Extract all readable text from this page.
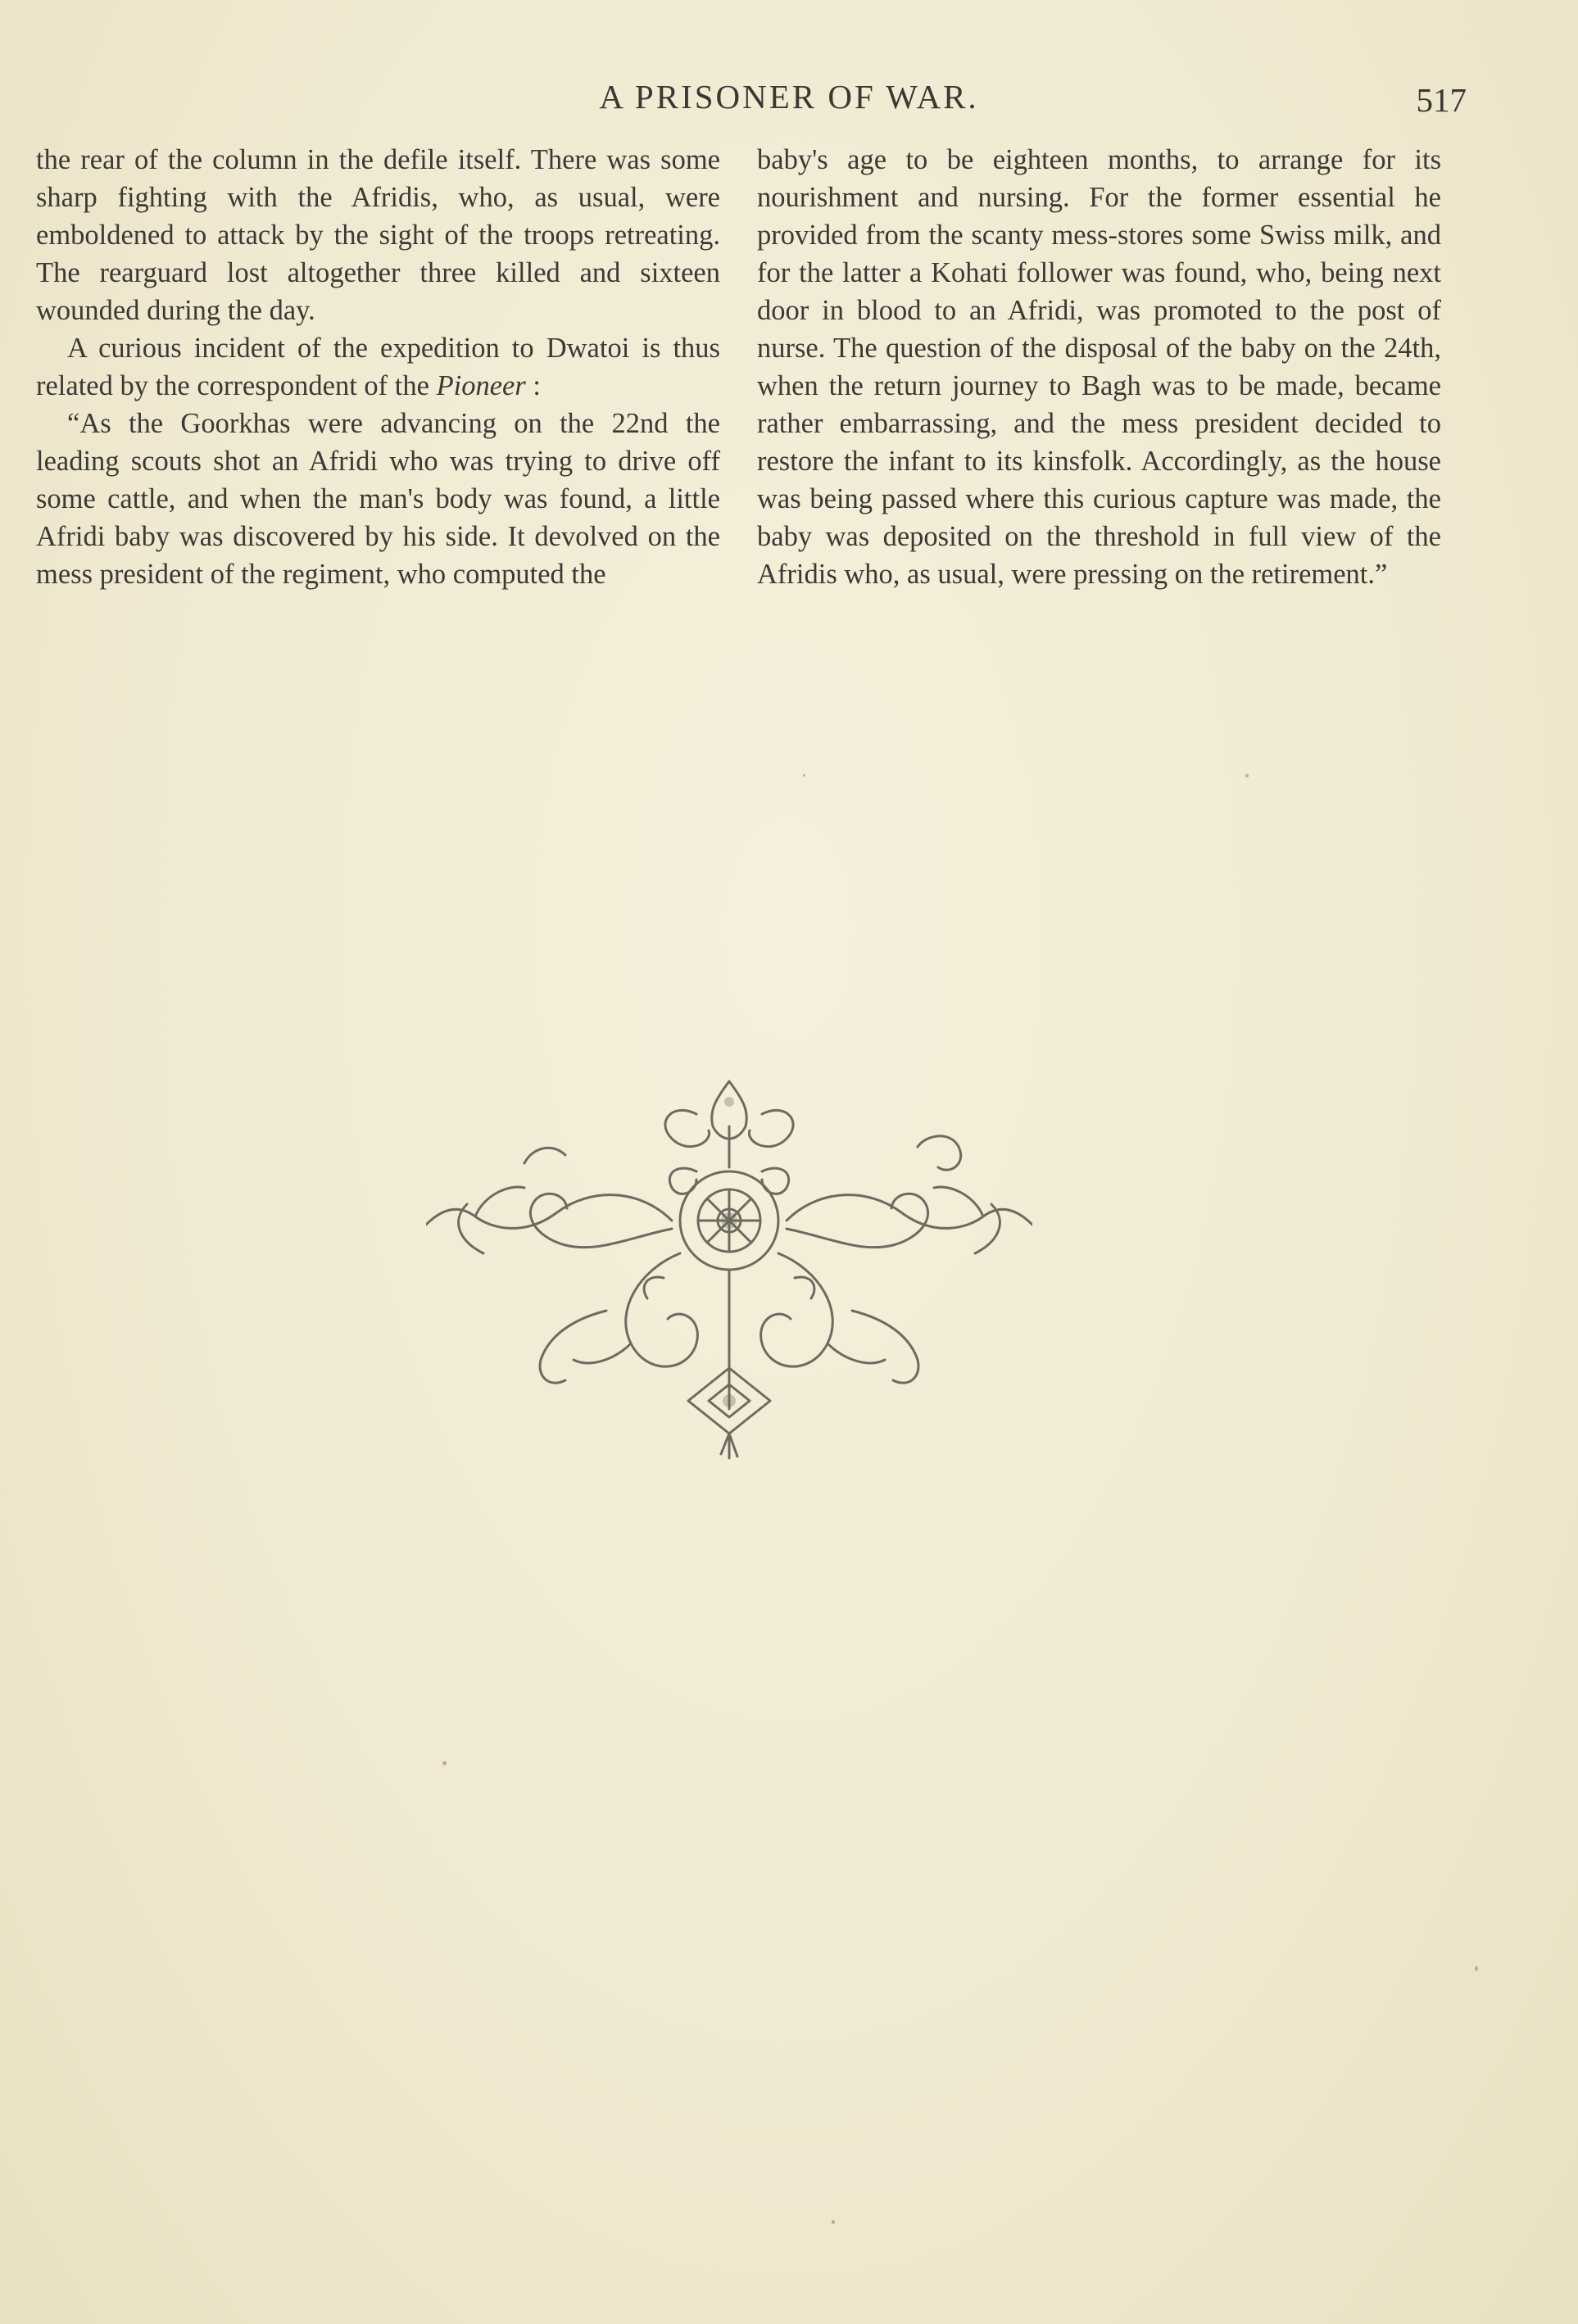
A PRISONER OF WAR.	517

the rear of the column in the defile itself. There was some sharp fighting with the Afridis, who, as usual, were emboldened to attack by the sight of the troops retreating. The rearguard lost altogether three killed and sixteen wounded during the day.

A curious incident of the expedition to Dwatoi is thus related by the correspondent of the Pioneer :

“As the Goorkhas were advancing on the 22nd the leading scouts shot an Afridi who was trying to drive off some cattle, and when the man's body was found, a little Afridi baby was discovered by his side. It devolved on the mess president of the regiment, who computed the

baby's age to be eighteen months, to arrange for its nourishment and nursing. For the former essential he provided from the scanty mess-stores some Swiss milk, and for the latter a Kohati follower was found, who, being next door in blood to an Afridi, was promoted to the post of nurse. The question of the disposal of the baby on the 24th, when the return journey to Bagh was to be made, became rather embarrassing, and the mess president decided to restore the infant to its kinsfolk. Accordingly, as the house was being passed where this curious capture was made, the baby was deposited on the threshold in full view of the Afridis who, as usual, were pressing on the retirement.”
